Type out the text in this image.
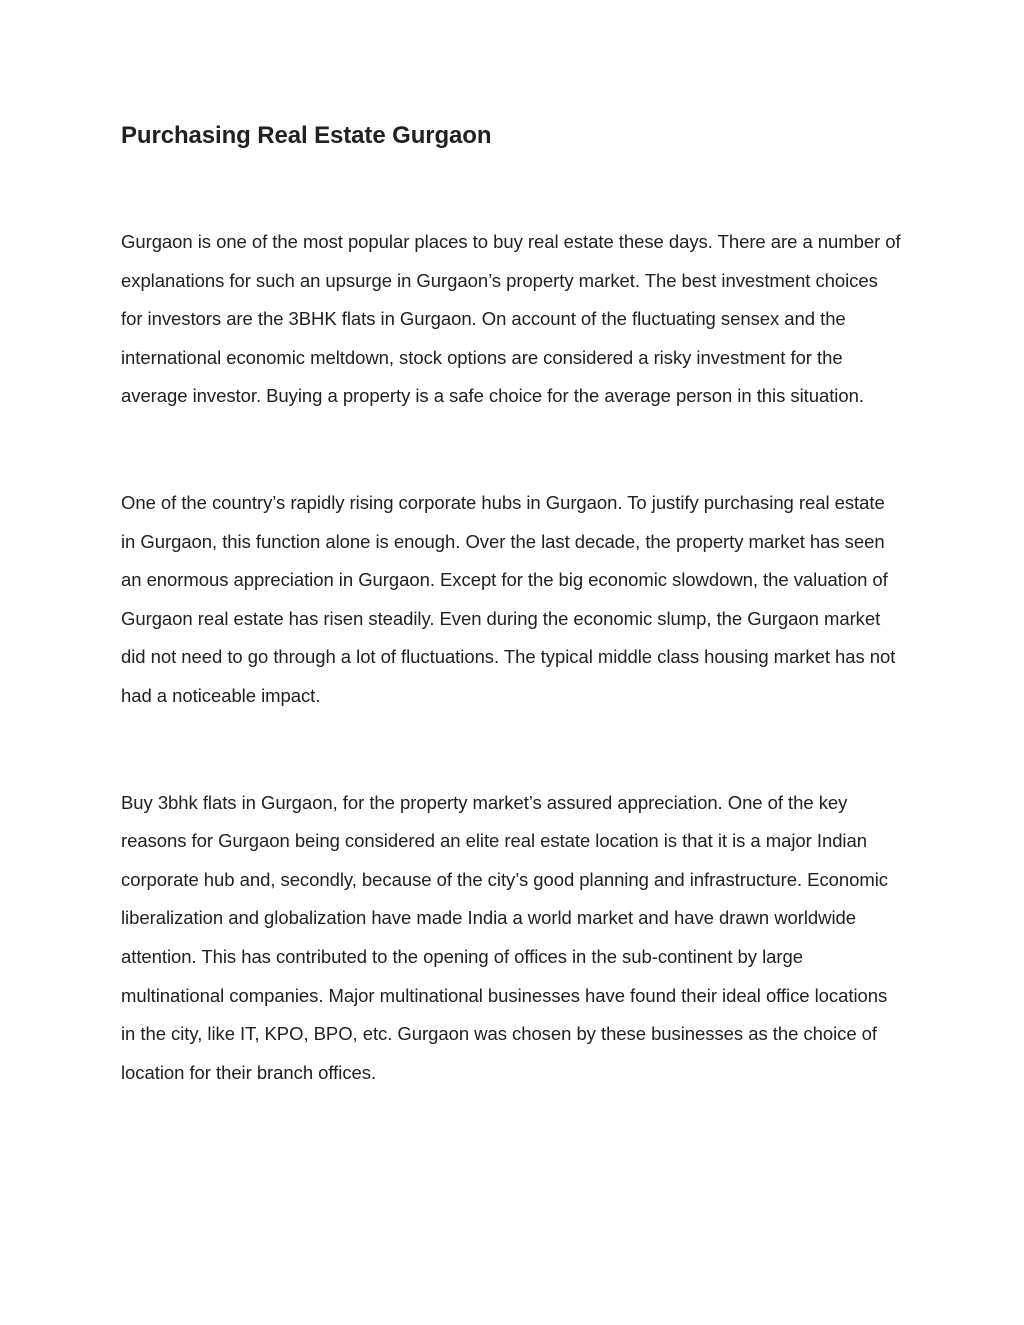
Purchasing Real Estate Gurgaon

Gurgaon is one of the most popular places to buy real estate these days. There are a number of explanations for such an upsurge in Gurgaon’s property market. The best investment choices for investors are the 3BHK flats in Gurgaon. On account of the fluctuating sensex and the international economic meltdown, stock options are considered a risky investment for the average investor. Buying a property is a safe choice for the average person in this situation.

One of the country’s rapidly rising corporate hubs in Gurgaon. To justify purchasing real estate in Gurgaon, this function alone is enough. Over the last decade, the property market has seen an enormous appreciation in Gurgaon. Except for the big economic slowdown, the valuation of Gurgaon real estate has risen steadily. Even during the economic slump, the Gurgaon market did not need to go through a lot of fluctuations. The typical middle class housing market has not had a noticeable impact.

Buy 3bhk flats in Gurgaon, for the property market’s assured appreciation. One of the key reasons for Gurgaon being considered an elite real estate location is that it is a major Indian corporate hub and, secondly, because of the city’s good planning and infrastructure. Economic liberalization and globalization have made India a world market and have drawn worldwide attention. This has contributed to the opening of offices in the sub-continent by large multinational companies. Major multinational businesses have found their ideal office locations in the city, like IT, KPO, BPO, etc. Gurgaon was chosen by these businesses as the choice of location for their branch offices.
